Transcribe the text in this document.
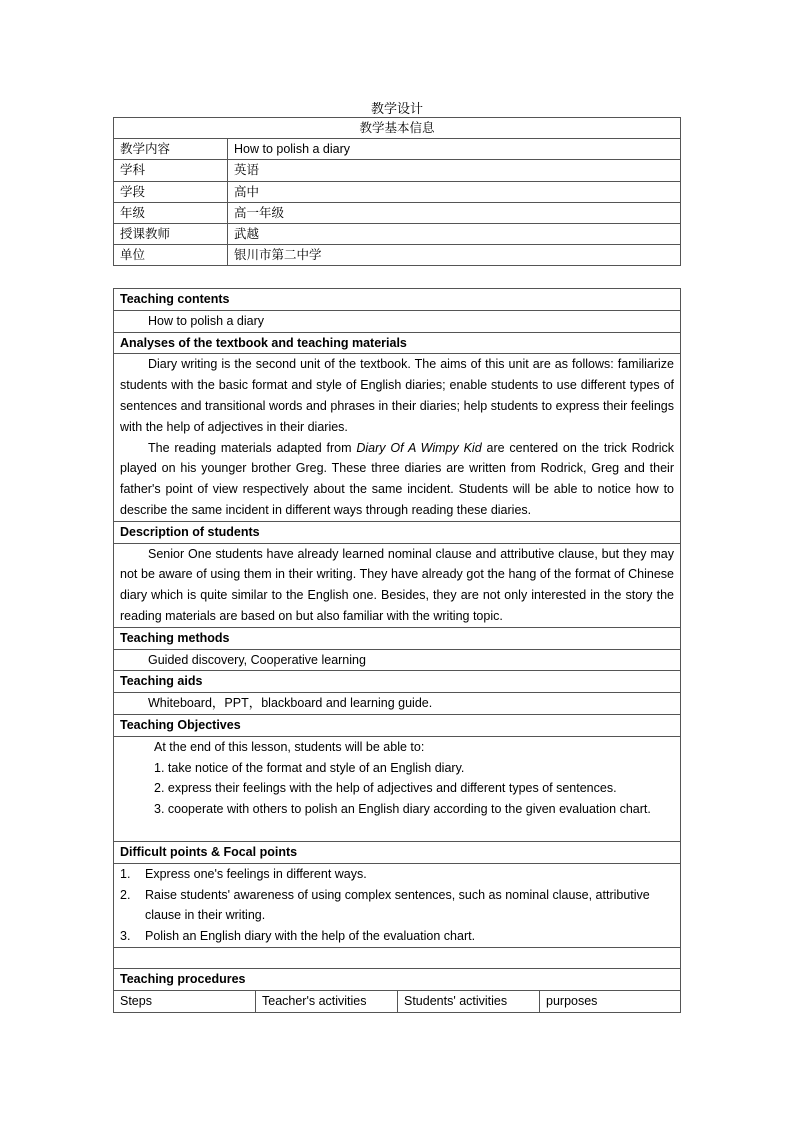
教学设计
教学基本信息	
教学内容	How to polish a diary
学科	英语
学段	高中
年级	高一年级
授课教师	武越
单位	银川市第二中学
Teaching contents
How to polish a diary
Analyses of the textbook and teaching materials

Diary writing is the second unit of the textbook. The aims of this unit are as follows: familiarize students with the basic format and style of English diaries; enable students to use different types of sentences and transitional words and phrases in their diaries; help students to express their feelings with the help of adjectives in their diaries.
The reading materials adapted from Diary Of A Wimpy Kid are centered on the trick Rodrick played on his younger brother Greg. These three diaries are written from Rodrick, Greg and their father's point of view respectively about the same incident. Students will be able to notice how to describe the same incident in different ways through reading these diaries.

Description of students

Senior One students have already learned nominal clause and attributive clause, but they may not be aware of using them in their writing. They have already got the hang of the format of Chinese diary which is quite similar to the English one. Besides, they are not only interested in the story the reading materials are based on but also familiar with the writing topic.

Teaching methods
Guided discovery, Cooperative learning
Teaching aids
Whiteboard，PPT，blackboard and learning guide.
Teaching Objectives

At the end of this lesson, students will be able to:
1. take notice of the format and style of an English diary.
2. express their feelings with the help of adjectives and different types of sentences.
3. cooperate with others to polish an English diary according to the given evaluation chart.

Difficult points & Focal points

1. Express one's feelings in different ways.
2. Raise students' awareness of using complex sentences, such as nominal clause, attributive clause in their writing.
3. Polish an English diary with the help of the evaluation chart.

Teaching procedures
Steps	Teacher's activities	Students' activities	purposes
